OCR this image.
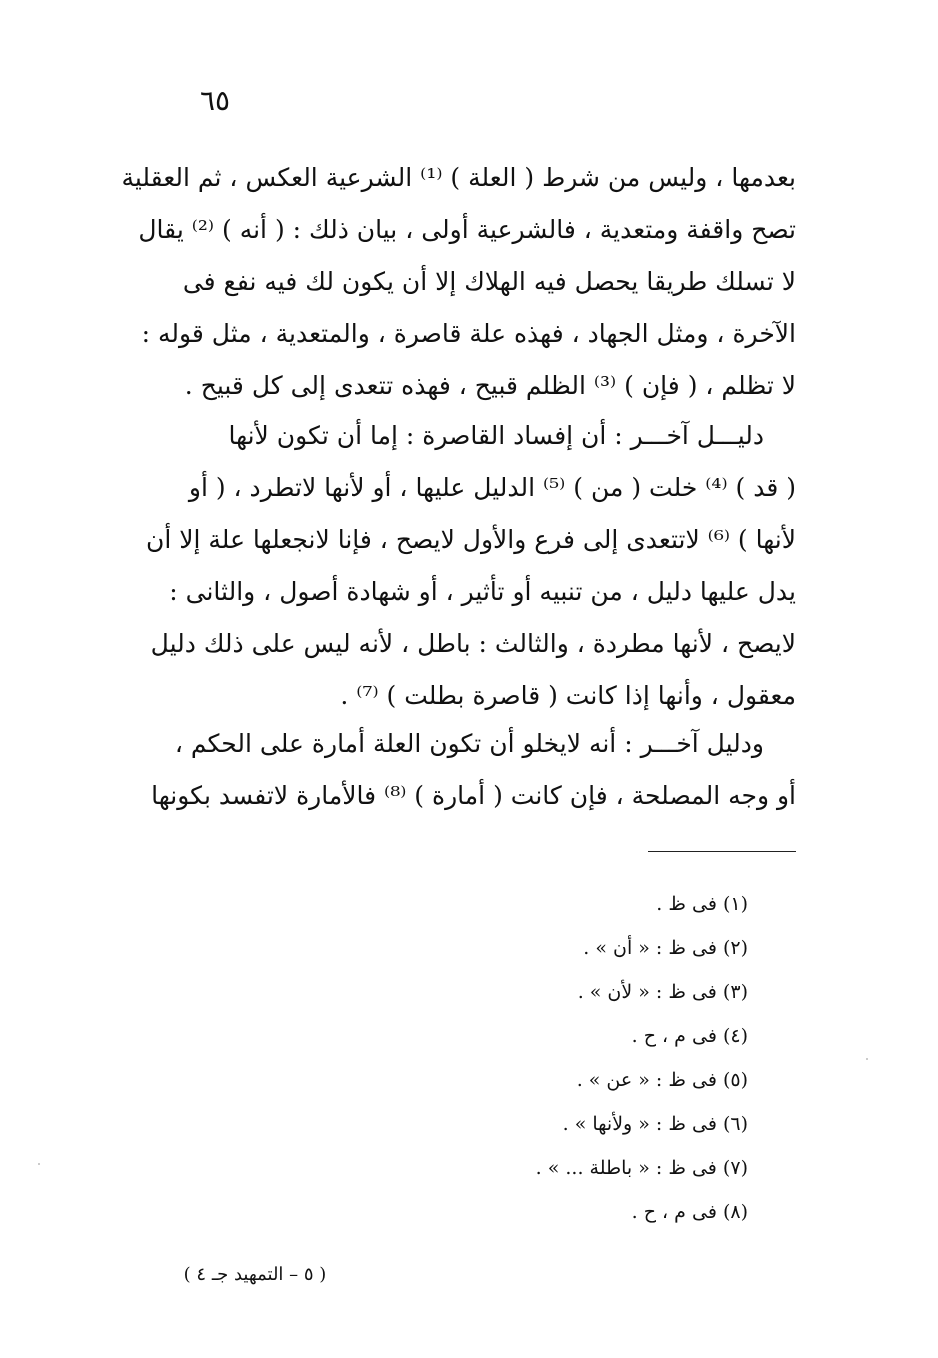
٦٥
بعدمها ، وليس من شرط ( العلة ) ⁽¹⁾ الشرعية العكس ، ثم العقلية
تصح واقفة ومتعدية ، فالشرعية أولى ، بيان ذلك : ( أنه ) ⁽²⁾ يقال
لا تسلك طريقا يحصل فيه الهلاك إلا أن يكون لك فيه نفع فى
الآخرة ، ومثل الجهاد ، فهذه علة قاصرة ، والمتعدية ، مثل قوله :
لا تظلم ، ( فإن ) ⁽³⁾ الظلم قبيح ، فهذه تتعدى إلى كل قبيح .
دليـــل آخـــر : أن إفساد القاصرة : إما أن تكون لأنها
( قد ) ⁽⁴⁾ خلت ( من ) ⁽⁵⁾ الدليل عليها ، أو لأنها لاتطرد ، ( أو
لأنها ) ⁽⁶⁾ لاتتعدى إلى فرع والأول لايصح ، فإنا لانجعلها علة إلا أن
يدل عليها دليل ، من تنبيه أو تأثير ، أو شهادة أصول ، والثانى :
لايصح ، لأنها مطردة ، والثالث : باطل ، لأنه ليس على ذلك دليل
معقول ، وأنها إذا كانت ( قاصرة بطلت ) ⁽⁷⁾ .
ودليل آخـــر : أنه لايخلو أن تكون العلة أمارة على الحكم ،
أو وجه المصلحة ، فإن كانت ( أمارة ) ⁽⁸⁾ فالأمارة لاتفسد بكونها
(١) فى ظ .
(٢) فى ظ : « أن » .
(٣) فى ظ : « لأن » .
(٤) فى م ، ح .
(٥) فى ظ : « عن » .
(٦) فى ظ : « ولأنها » .
(٧) فى ظ : « باطلة ... » .
(٨) فى م ، ح .
( ٥ – التمهيد جـ ٤ )
